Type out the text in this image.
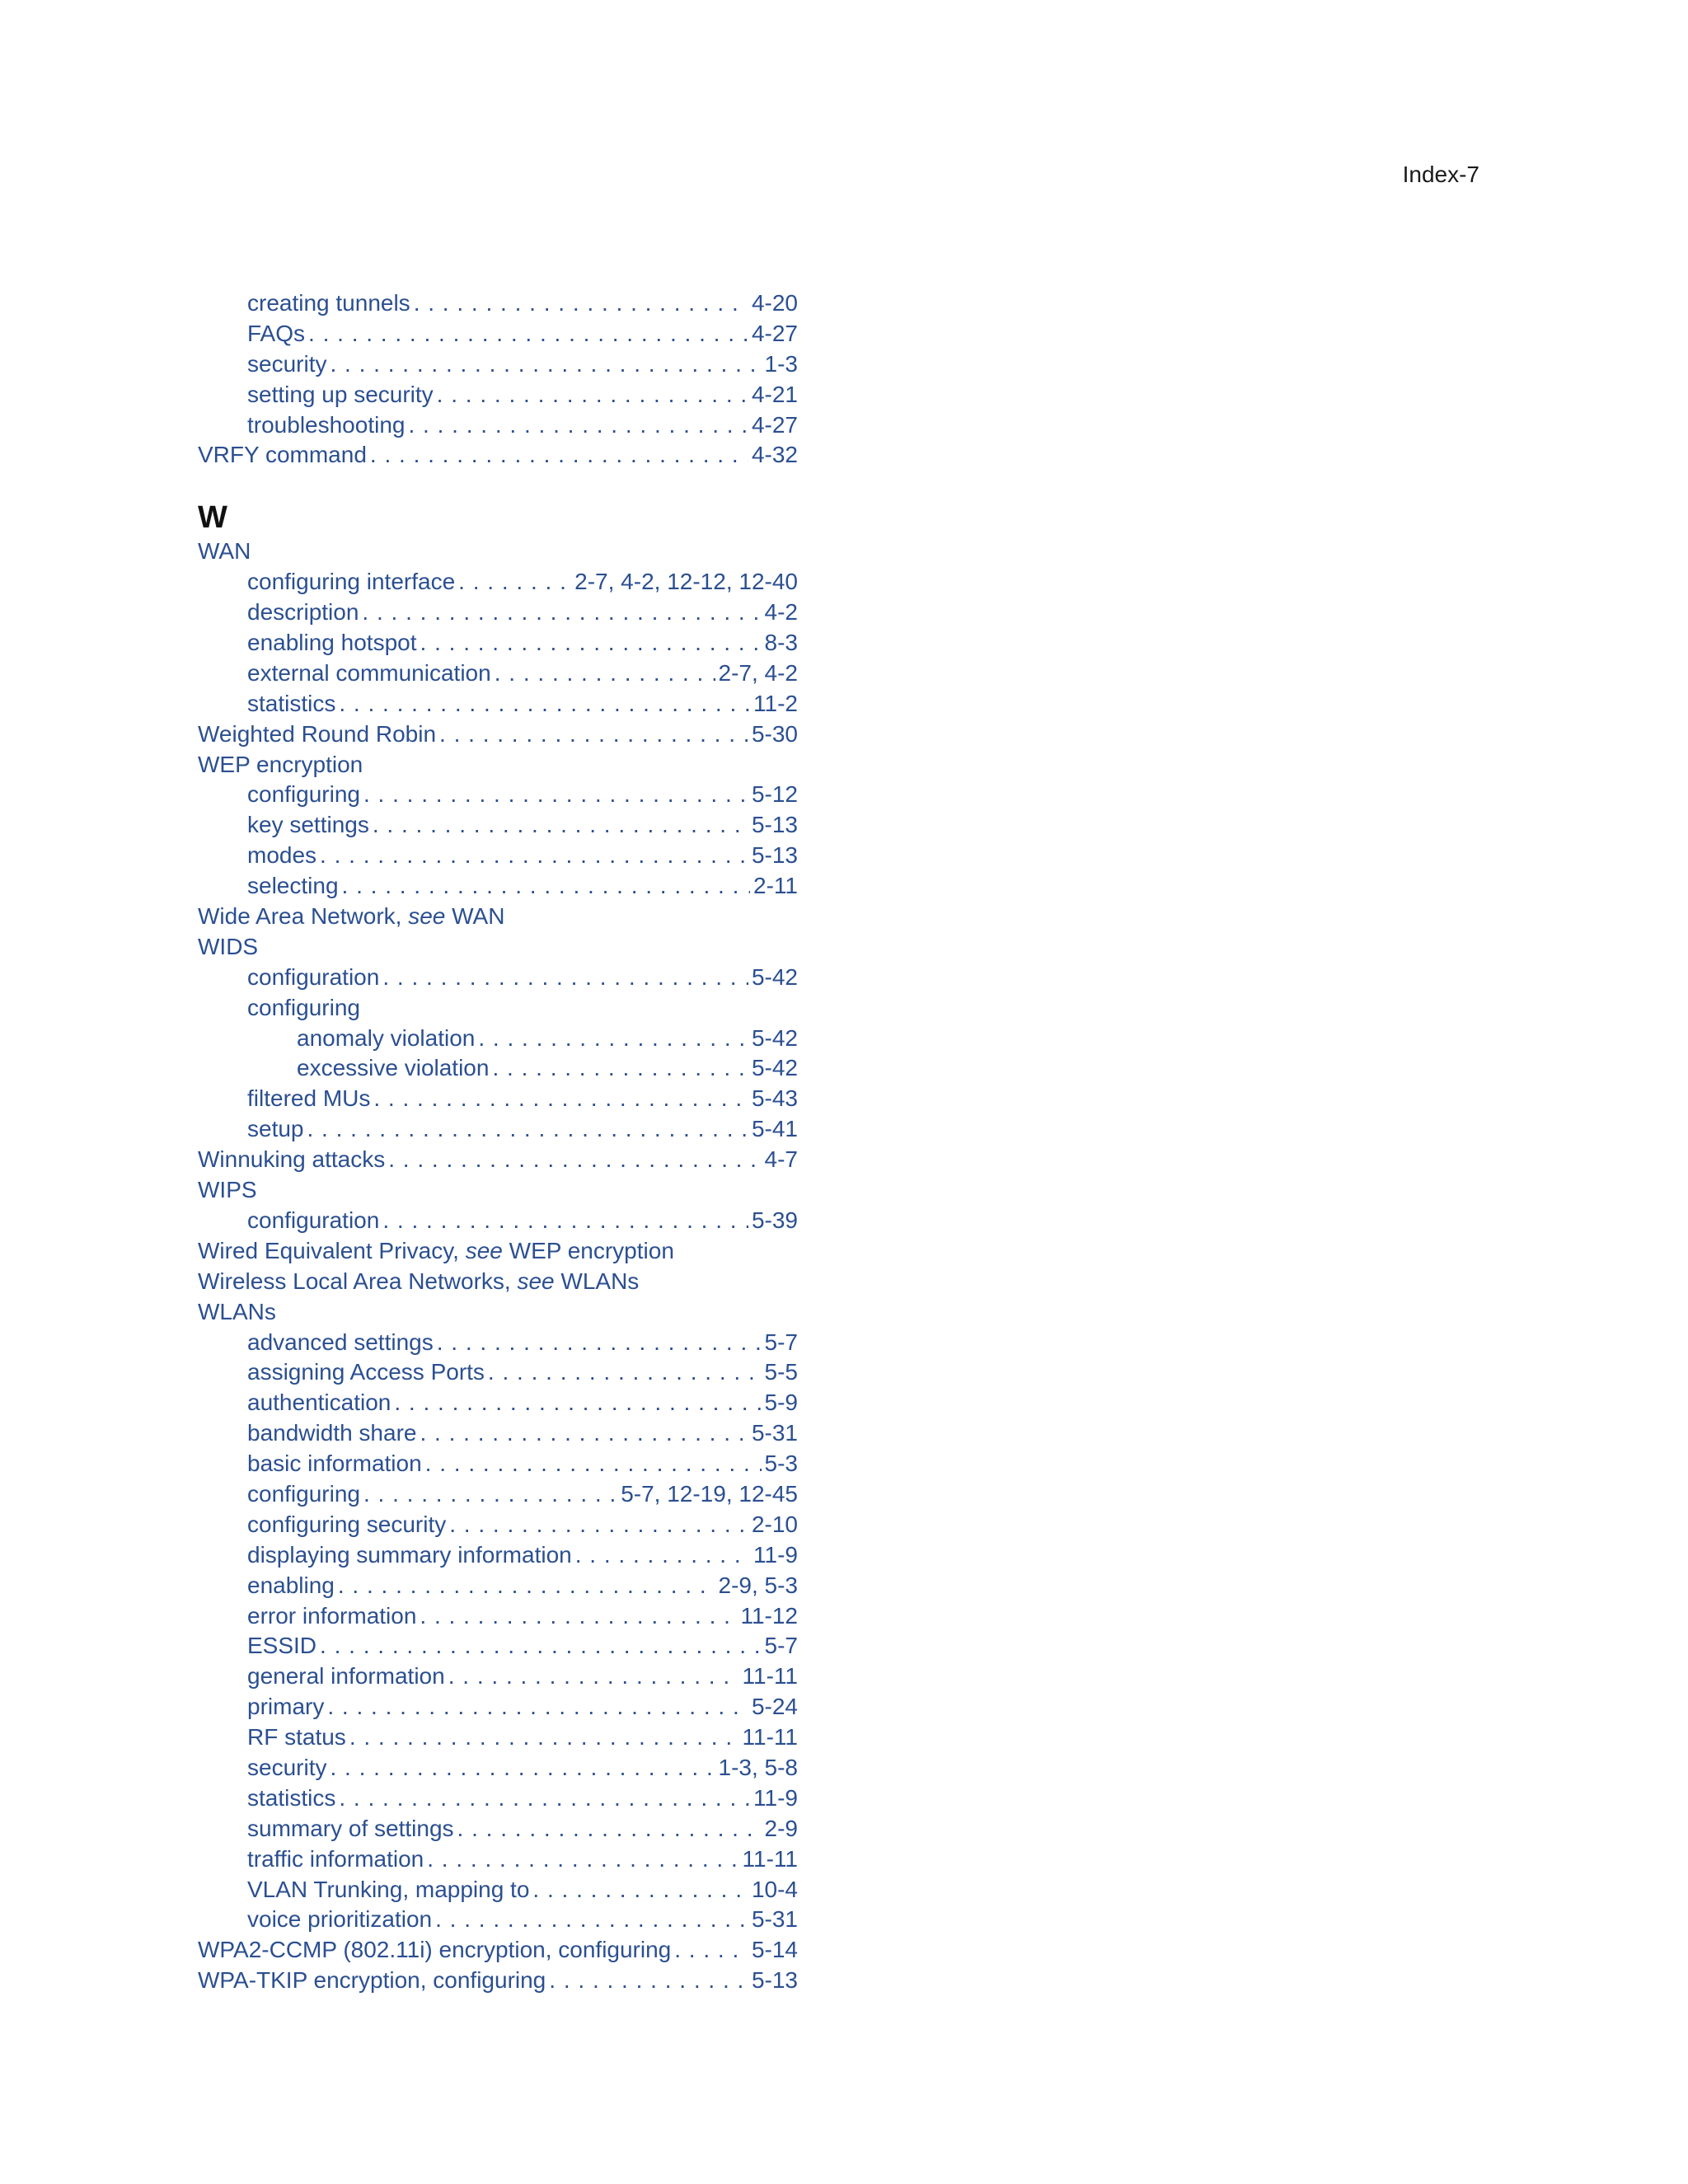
Index-7
creating tunnels . . .	4-20
FAQs . . .	4-27
security . . .	1-3
setting up security . . .	4-21
troubleshooting . . .	4-27
VRFY command . . .	4-32
W
WAN
configuring interface . . .	2-7, 4-2, 12-12, 12-40
description . . .	4-2
enabling hotspot . . .	8-3
external communication . . .	2-7, 4-2
statistics . . .	11-2
Weighted Round Robin . . .	5-30
WEP encryption
configuring . . .	5-12
key settings . . .	5-13
modes . . .	5-13
selecting . . .	2-11
Wide Area Network, see WAN
WIDS
configuration . . .	5-42
configuring
anomaly violation . . .	5-42
excessive violation . . .	5-42
filtered MUs . . .	5-43
setup . . .	5-41
Winnuking attacks . . .	4-7
WIPS
configuration . . .	5-39
Wired Equivalent Privacy, see WEP encryption
Wireless Local Area Networks, see WLANs
WLANs
advanced settings . . .	5-7
assigning Access Ports . . .	5-5
authentication . . .	5-9
bandwidth share . . .	5-31
basic information . . .	5-3
configuring . . .	5-7, 12-19, 12-45
configuring security . . .	2-10
displaying summary information . . .	11-9
enabling . . .	2-9, 5-3
error information . . .	11-12
ESSID . . .	5-7
general information . . .	11-11
primary . . .	5-24
RF status . . .	11-11
security . . .	1-3, 5-8
statistics . . .	11-9
summary of settings . . .	2-9
traffic information . . .	11-11
VLAN Trunking, mapping to . . .	10-4
voice prioritization . . .	5-31
WPA2-CCMP (802.11i) encryption, configuring . . .	5-14
WPA-TKIP encryption, configuring . . .	5-13
